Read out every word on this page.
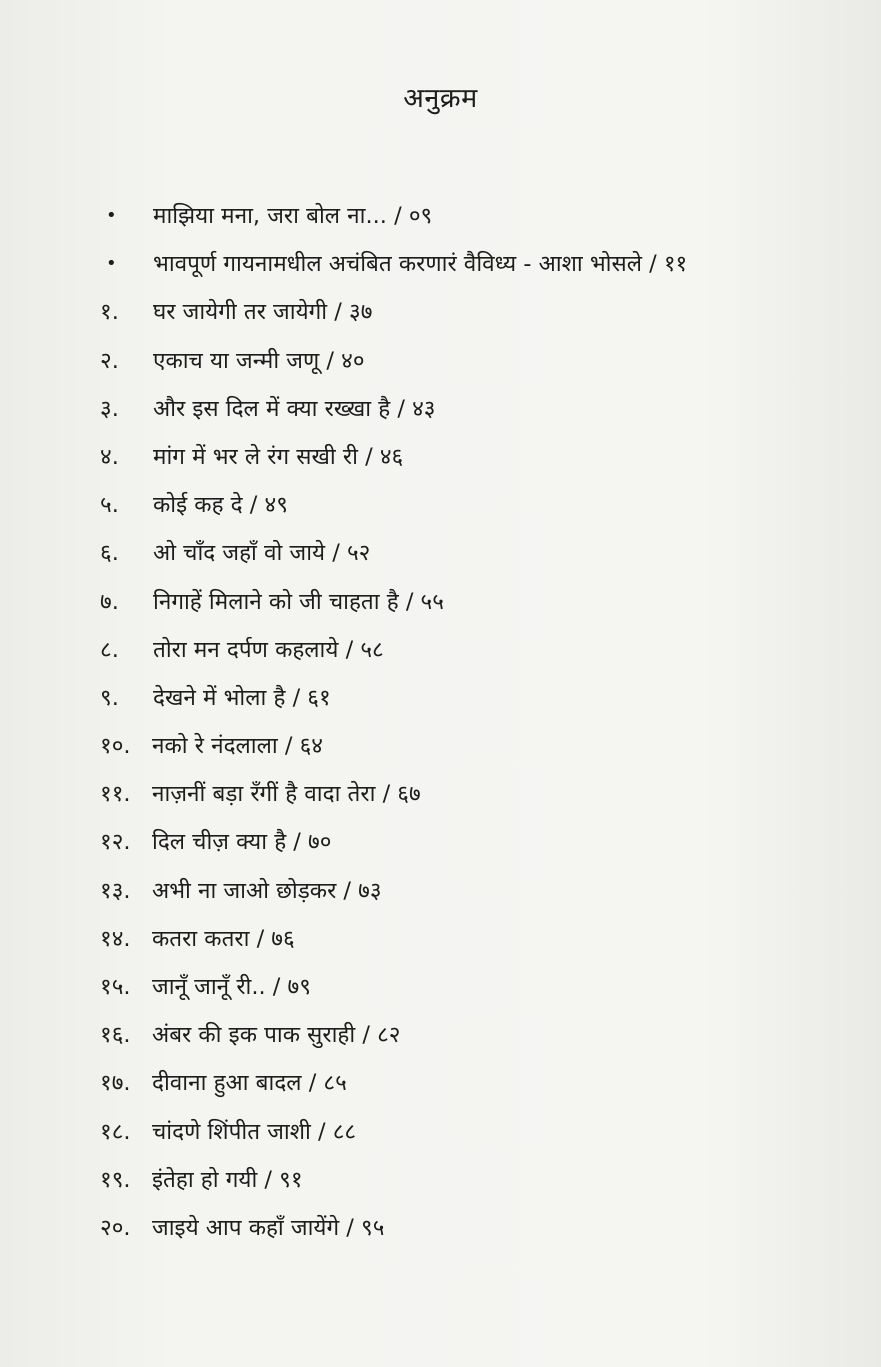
अनुक्रम
•	माझिया मना, जरा बोल ना... / ०९
•	भावपूर्ण गायनामधील अचंबित करणारं वैविध्य - आशा भोसले / ११
१.	घर जायेगी तर जायेगी / ३७
२.	एकाच या जन्मी जणू / ४०
३.	और इस दिल में क्या रख्खा है / ४३
४.	मांग में भर ले रंग सखी री / ४६
५.	कोई कह दे / ४९
६.	ओ चाँद जहाँ वो जाये / ५२
७.	निगाहें मिलाने को जी चाहता है / ५५
८.	तोरा मन दर्पण कहलाये / ५८
९.	देखने में भोला है / ६१
१०. नको रे नंदलाला / ६४
११. नाज़नीं बड़ा रँगीं है वादा तेरा / ६७
१२. दिल चीज़ क्या है / ७०
१३. अभी ना जाओ छोड़कर / ७३
१४. कतरा कतरा / ७६
१५. जानूँ जानूँ री.. / ७९
१६. अंबर की इक पाक सुराही / ८२
१७. दीवाना हुआ बादल / ८५
१८. चांदणे शिंपीत जाशी / ८८
१९. इंतेहा हो गयी / ९१
२०. जाइये आप कहाँ जायेंगे / ९५
